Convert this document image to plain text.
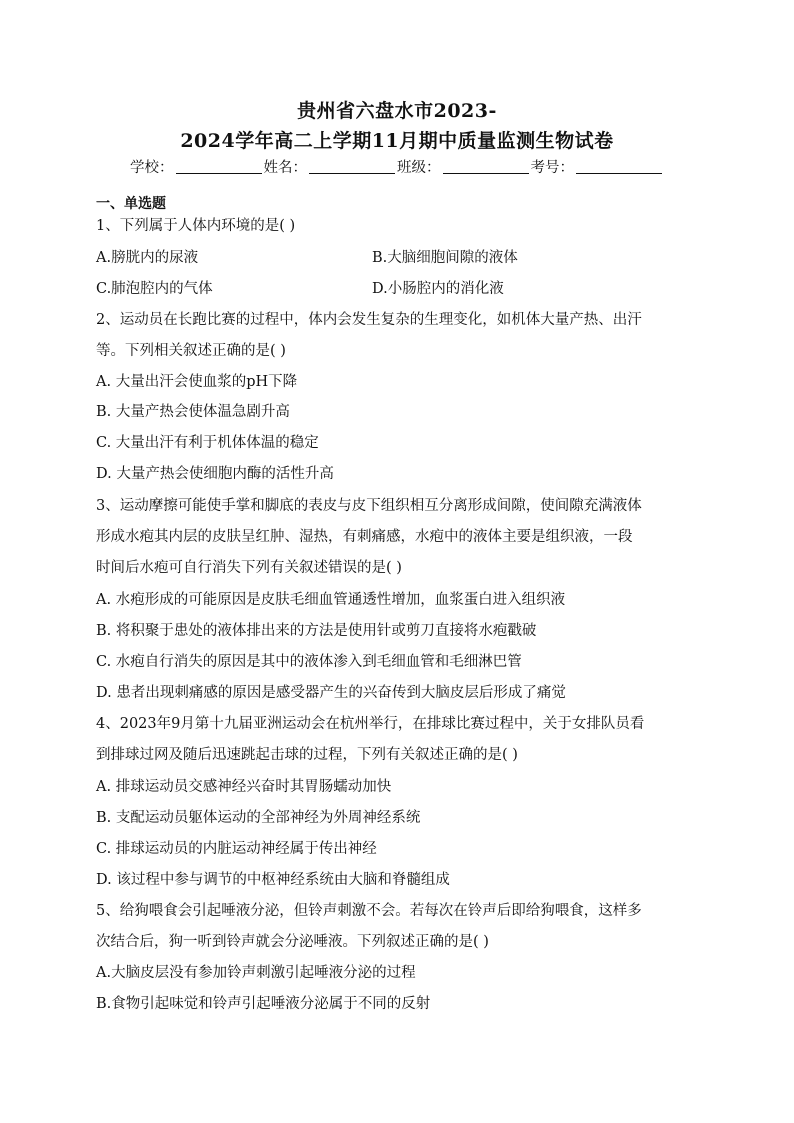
贵州省六盘水市2023-
2024学年高二上学期11月期中质量监测生物试卷
学校：	姓名：	班级：	考号：
一、单选题
1、下列属于人体内环境的是( )
A.膀胱内的尿液	B.大脑细胞间隙的液体
C.肺泡腔内的气体	D.小肠腔内的消化液
2、运动员在长跑比赛的过程中，体内会发生复杂的生理变化，如机体大量产热、出汗
等。下列相关叙述正确的是( )
A. 大量出汗会使血浆的pH下降
B. 大量产热会使体温急剧升高
C. 大量出汗有利于机体体温的稳定
D. 大量产热会使细胞内酶的活性升高
3、运动摩擦可能使手掌和脚底的表皮与皮下组织相互分离形成间隙，使间隙充满液体
形成水疱其内层的皮肤呈红肿、湿热，有刺痛感，水疱中的液体主要是组织液，一段
时间后水疱可自行消失下列有关叙述错误的是( )
A. 水疱形成的可能原因是皮肤毛细血管通透性增加，血浆蛋白进入组织液
B. 将积聚于患处的液体排出来的方法是使用针或剪刀直接将水疱戳破
C. 水疱自行消失的原因是其中的液体渗入到毛细血管和毛细淋巴管
D. 患者出现刺痛感的原因是感受器产生的兴奋传到大脑皮层后形成了痛觉
4、2023年9月第十九届亚洲运动会在杭州举行，在排球比赛过程中，关于女排队员看
到排球过网及随后迅速跳起击球的过程，下列有关叙述正确的是( )
A. 排球运动员交感神经兴奋时其胃肠蠕动加快
B. 支配运动员躯体运动的全部神经为外周神经系统
C. 排球运动员的内脏运动神经属于传出神经
D. 该过程中参与调节的中枢神经系统由大脑和脊髓组成
5、给狗喂食会引起唾液分泌，但铃声刺激不会。若每次在铃声后即给狗喂食，这样多
次结合后，狗一听到铃声就会分泌唾液。下列叙述正确的是( )
A.大脑皮层没有参加铃声刺激引起唾液分泌的过程
B.食物引起味觉和铃声引起唾液分泌属于不同的反射
